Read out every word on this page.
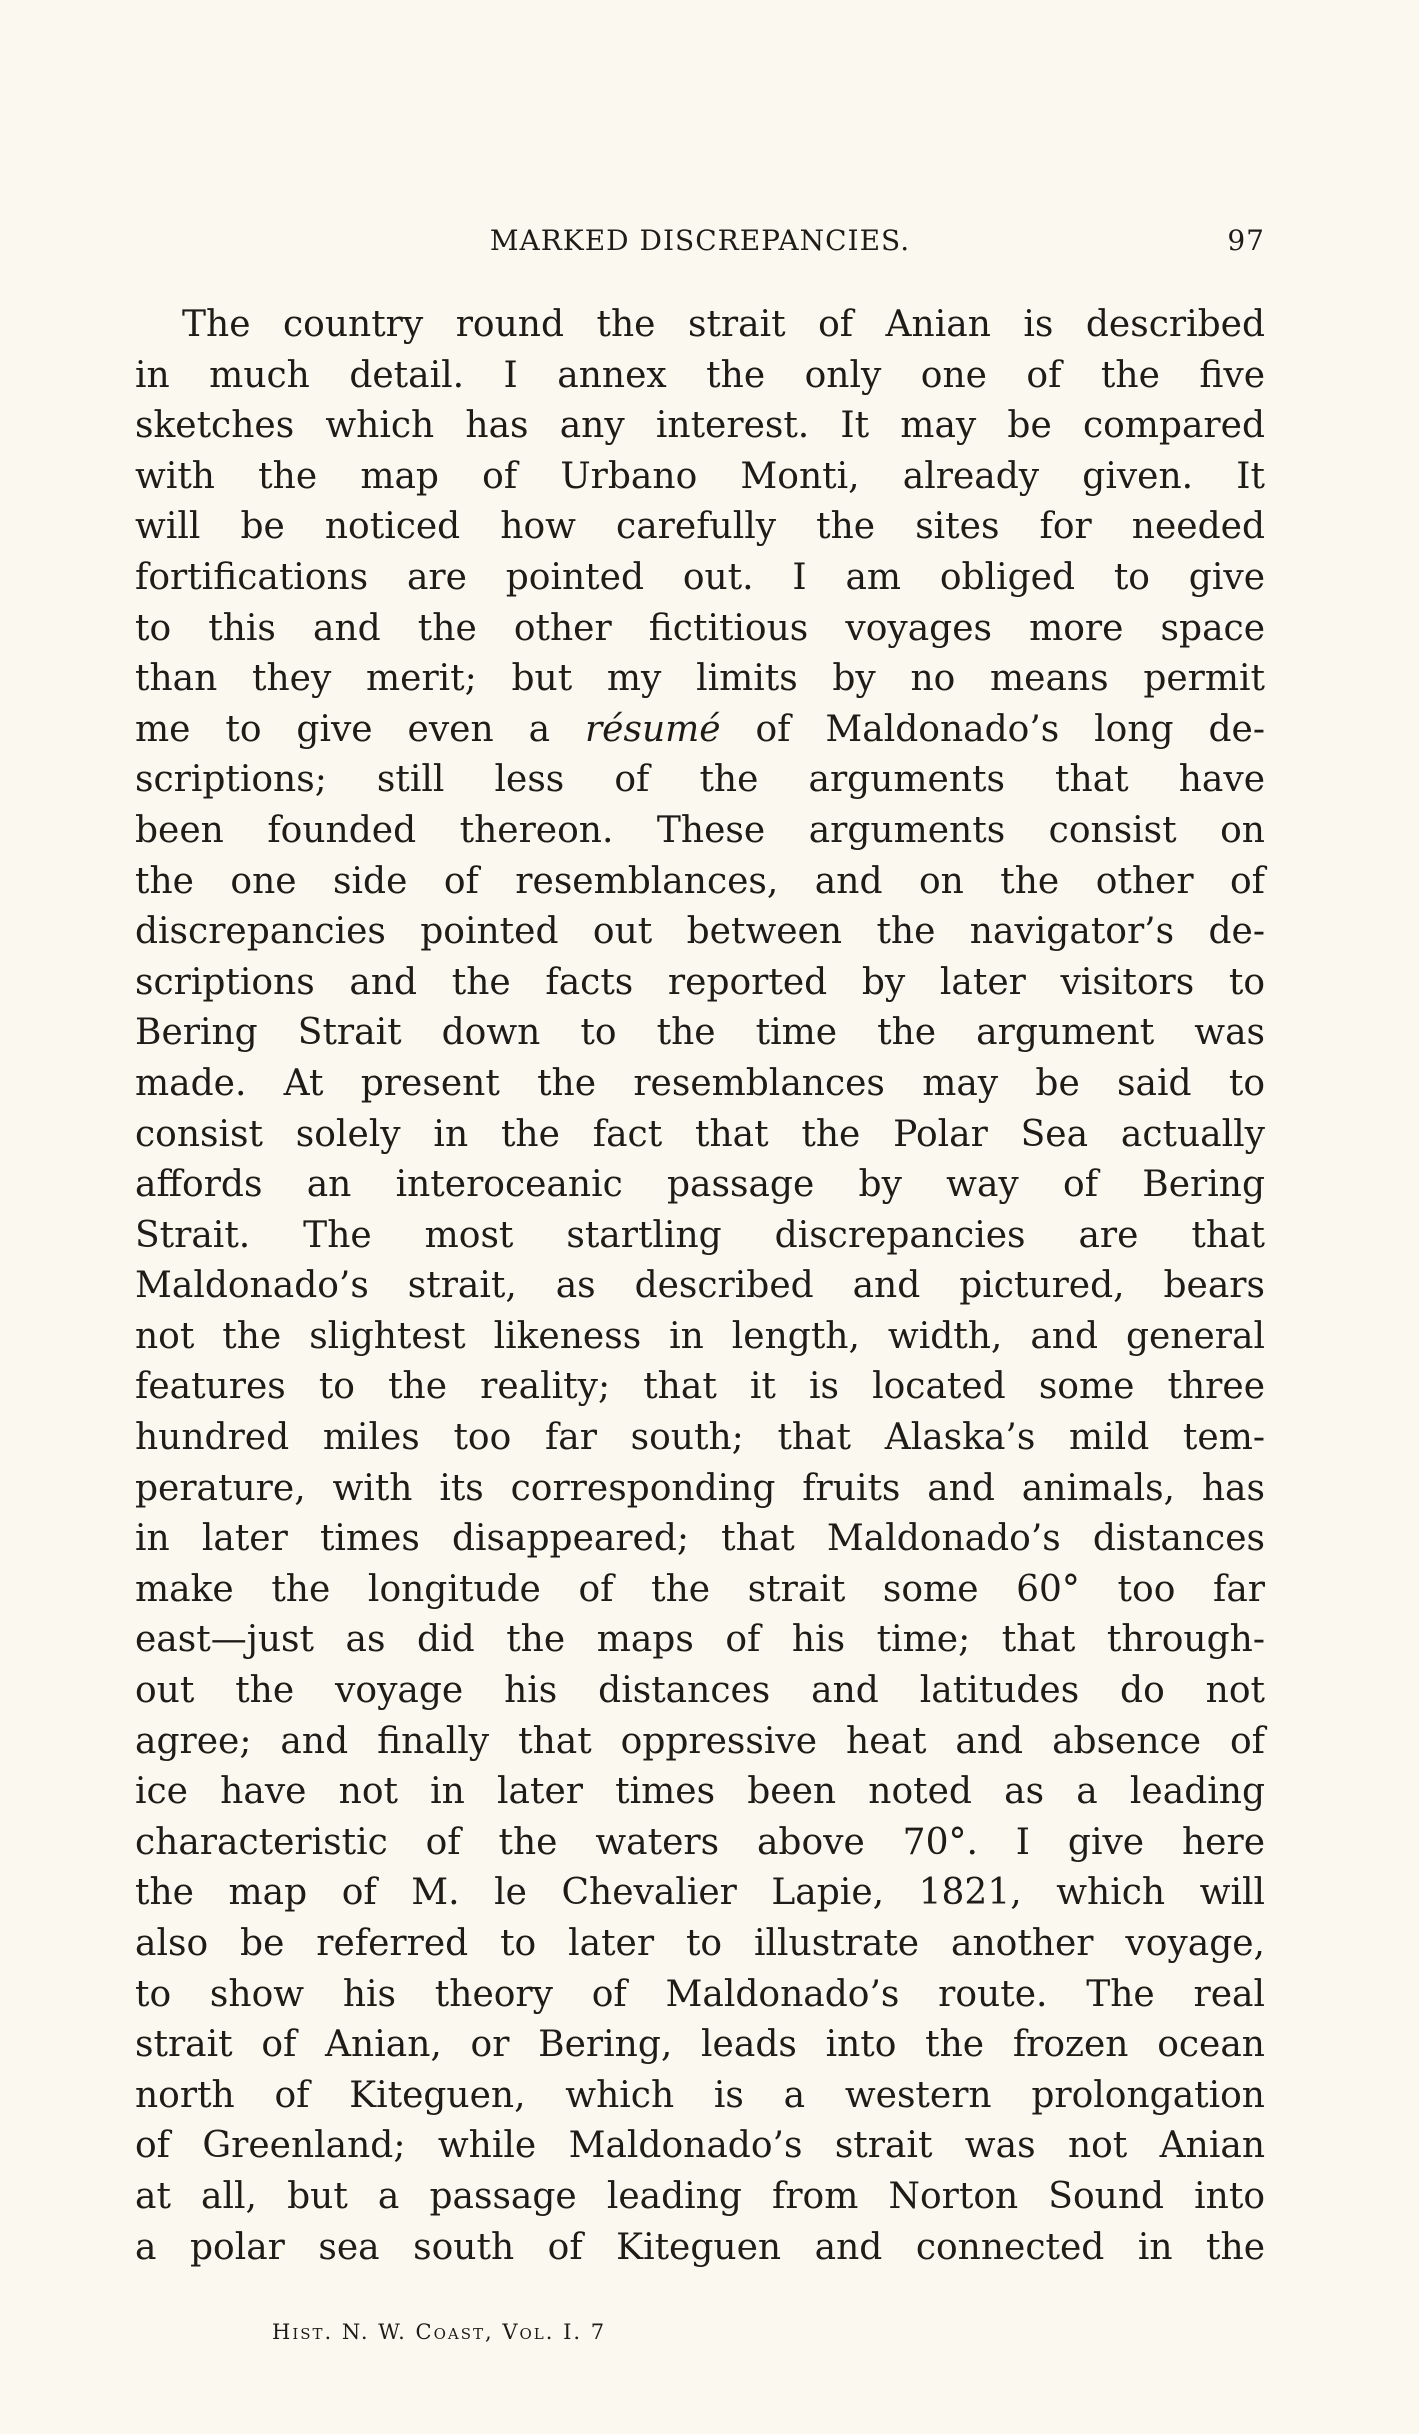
MARKED DISCREPANCIES.	97
The country round the strait of Anian is described
in much detail. I annex the only one of the five
sketches which has any interest. It may be compared
with the map of Urbano Monti, already given. It
will be noticed how carefully the sites for needed
fortifications are pointed out. I am obliged to give
to this and the other fictitious voyages more space
than they merit; but my limits by no means permit
me to give even a résumé of Maldonado’s long de-
scriptions; still less of the arguments that have
been founded thereon. These arguments consist on
the one side of resemblances, and on the other of
discrepancies pointed out between the navigator’s de-
scriptions and the facts reported by later visitors to
Bering Strait down to the time the argument was
made. At present the resemblances may be said to
consist solely in the fact that the Polar Sea actually
affords an interoceanic passage by way of Bering
Strait. The most startling discrepancies are that
Maldonado’s strait, as described and pictured, bears
not the slightest likeness in length, width, and general
features to the reality; that it is located some three
hundred miles too far south; that Alaska’s mild tem-
perature, with its corresponding fruits and animals, has
in later times disappeared; that Maldonado’s distances
make the longitude of the strait some 60° too far
east—just as did the maps of his time; that through-
out the voyage his distances and latitudes do not
agree; and finally that oppressive heat and absence of
ice have not in later times been noted as a leading
characteristic of the waters above 70°. I give here
the map of M. le Chevalier Lapie, 1821, which will
also be referred to later to illustrate another voyage,
to show his theory of Maldonado’s route. The real
strait of Anian, or Bering, leads into the frozen ocean
north of Kiteguen, which is a western prolongation
of Greenland; while Maldonado’s strait was not Anian
at all, but a passage leading from Norton Sound into
a polar sea south of Kiteguen and connected in the
Hist. N. W. Coast, Vol. I. 7
